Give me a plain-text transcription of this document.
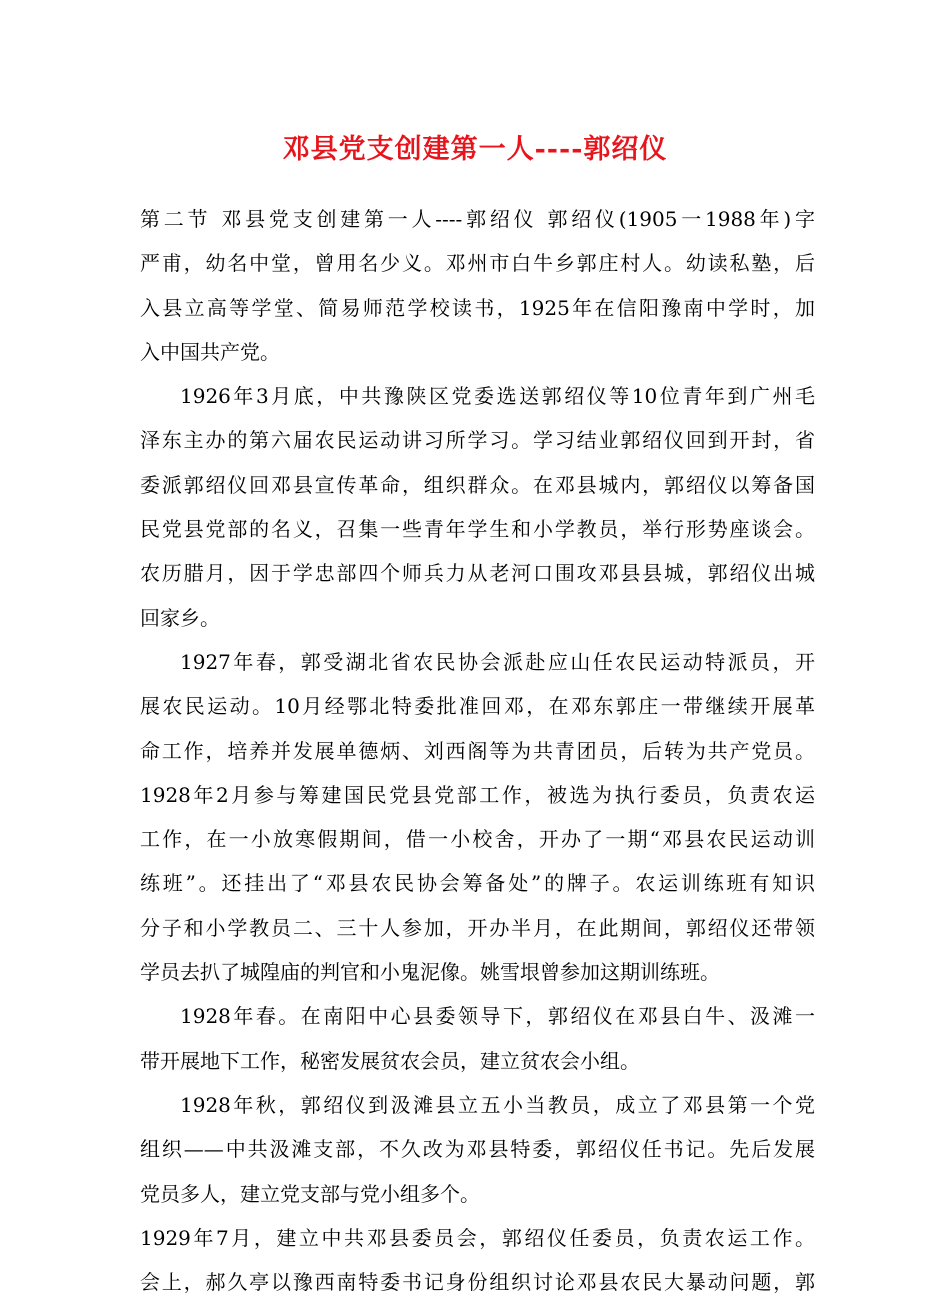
邓县党支创建第一人----郭绍仪
第二节 邓县党支创建第一人----郭绍仪 郭绍仪(1905一1988年)字
严甫，幼名中堂，曾用名少义。邓州市白牛乡郭庄村人。幼读私塾，后
入县立高等学堂、简易师范学校读书，1925年在信阳豫南中学时，加
入中国共产党。
1926年3月底，中共豫陕区党委选送郭绍仪等10位青年到广州毛
泽东主办的第六届农民运动讲习所学习。学习结业郭绍仪回到开封，省
委派郭绍仪回邓县宣传革命，组织群众。在邓县城内，郭绍仪以筹备国
民党县党部的名义，召集一些青年学生和小学教员，举行形势座谈会。
农历腊月，因于学忠部四个师兵力从老河口围攻邓县县城，郭绍仪出城
回家乡。
1927年春，郭受湖北省农民协会派赴应山任农民运动特派员，开
展农民运动。10月经鄂北特委批准回邓，在邓东郭庄一带继续开展革
命工作，培养并发展单德炳、刘西阁等为共青团员，后转为共产党员。
1928年2月参与筹建国民党县党部工作，被选为执行委员，负责农运
工作，在一小放寒假期间，借一小校舍，开办了一期“邓县农民运动训
练班”。还挂出了“邓县农民协会筹备处”的牌子。农运训练班有知识
分子和小学教员二、三十人参加，开办半月，在此期间，郭绍仪还带领
学员去扒了城隍庙的判官和小鬼泥像。姚雪垠曾参加这期训练班。
1928年春。在南阳中心县委领导下，郭绍仪在邓县白牛、汲滩一
带开展地下工作，秘密发展贫农会员，建立贫农会小组。
1928年秋，郭绍仪到汲滩县立五小当教员，成立了邓县第一个党
组织——中共汲滩支部，不久改为邓县特委，郭绍仪任书记。先后发展
党员多人，建立党支部与党小组多个。
1929年7月，建立中共邓县委员会，郭绍仪任委员，负责农运工作。
会上，郝久亭以豫西南特委书记身份组织讨论邓县农民大暴动问题，郭
